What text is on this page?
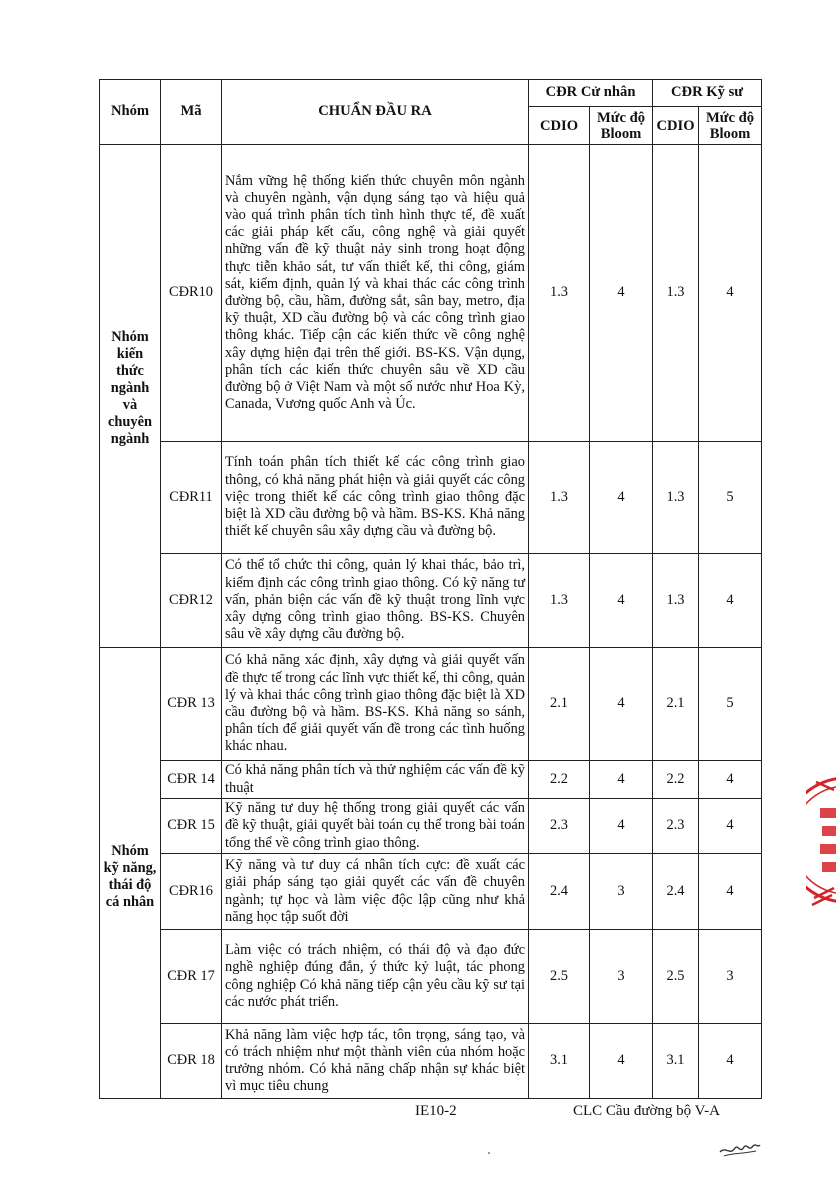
Nhóm	Mã	CHUẨN ĐẦU RA	CĐR Cử nhân		CĐR Kỹ sư	
			CDIO	Mức độ Bloom	CDIO	Mức độ Bloom
Nhóm kiến thức ngành và chuyên ngành	CĐR10	Nắm vững hệ thống kiến thức chuyên môn ngành và chuyên ngành, vận dụng sáng tạo và hiệu quả vào quá trình phân tích tình hình thực tế, đề xuất các giải pháp kết cấu, công nghệ và giải quyết những vấn đề kỹ thuật nảy sinh trong hoạt động thực tiễn khảo sát, tư vấn thiết kế, thi công, giám sát, kiểm định, quản lý và khai thác các công trình đường bộ, cầu, hầm, đường sắt, sân bay, metro, địa kỹ thuật, XD cầu đường bộ và các công trình giao thông khác. Tiếp cận các kiến thức về công nghệ xây dựng hiện đại trên thế giới. BS-KS. Vận dụng, phân tích các kiến thức chuyên sâu về XD cầu đường bộ ở Việt Nam và một số nước như Hoa Kỳ, Canada, Vương quốc Anh và Úc.	1.3	4	1.3	4
	CĐR11	Tính toán phân tích thiết kế các công trình giao thông, có khả năng phát hiện và giải quyết các công việc trong thiết kế các công trình giao thông đặc biệt là XD cầu đường bộ và hầm. BS-KS. Khả năng thiết kế chuyên sâu xây dựng cầu và đường bộ.	1.3	4	1.3	5
	CĐR12	Có thể tổ chức thi công, quản lý khai thác, bảo trì, kiểm định các công trình giao thông. Có kỹ năng tư vấn, phản biện các vấn đề kỹ thuật trong lĩnh vực xây dựng công trình giao thông. BS-KS. Chuyên sâu về xây dựng cầu đường bộ.	1.3	4	1.3	4
Nhóm kỹ năng, thái độ cá nhân	CĐR 13	Có khả năng xác định, xây dựng và giải quyết vấn đề thực tế trong các lĩnh vực thiết kế, thi công, quản lý và khai thác công trình giao thông đặc biệt là XD cầu đường bộ và hầm. BS-KS. Khả năng so sánh, phân tích để giải quyết vấn đề trong các tình huống khác nhau.	2.1	4	2.1	5
	CĐR 14	Có khả năng phân tích và thử nghiệm các vấn đề kỹ thuật	2.2	4	2.2	4
	CĐR 15	Kỹ năng tư duy hệ thống trong giải quyết các vấn đề kỹ thuật, giải quyết bài toán cụ thể trong bài toán tổng thể về công trình giao thông.	2.3	4	2.3	4
	CĐR16	Kỹ năng và tư duy cá nhân tích cực: đề xuất các giải pháp sáng tạo giải quyết các vấn đề chuyên ngành; tự học và làm việc độc lập cũng như khả năng học tập suốt đời	2.4	3	2.4	4
	CĐR 17	Làm việc có trách nhiệm, có thái độ và đạo đức nghề nghiệp đúng đắn, ý thức kỷ luật, tác phong công nghiệp Có khả năng tiếp cận yêu cầu kỹ sư tại các nước phát triển.	2.5	3	2.5	3
	CĐR 18	Khả năng làm việc hợp tác, tôn trọng, sáng tạo, và có trách nhiệm như một thành viên của nhóm hoặc trưởng nhóm. Có khả năng chấp nhận sự khác biệt vì mục tiêu chung	3.1	4	3.1	4
IE10-2	CLC Cầu đường bộ V-A
